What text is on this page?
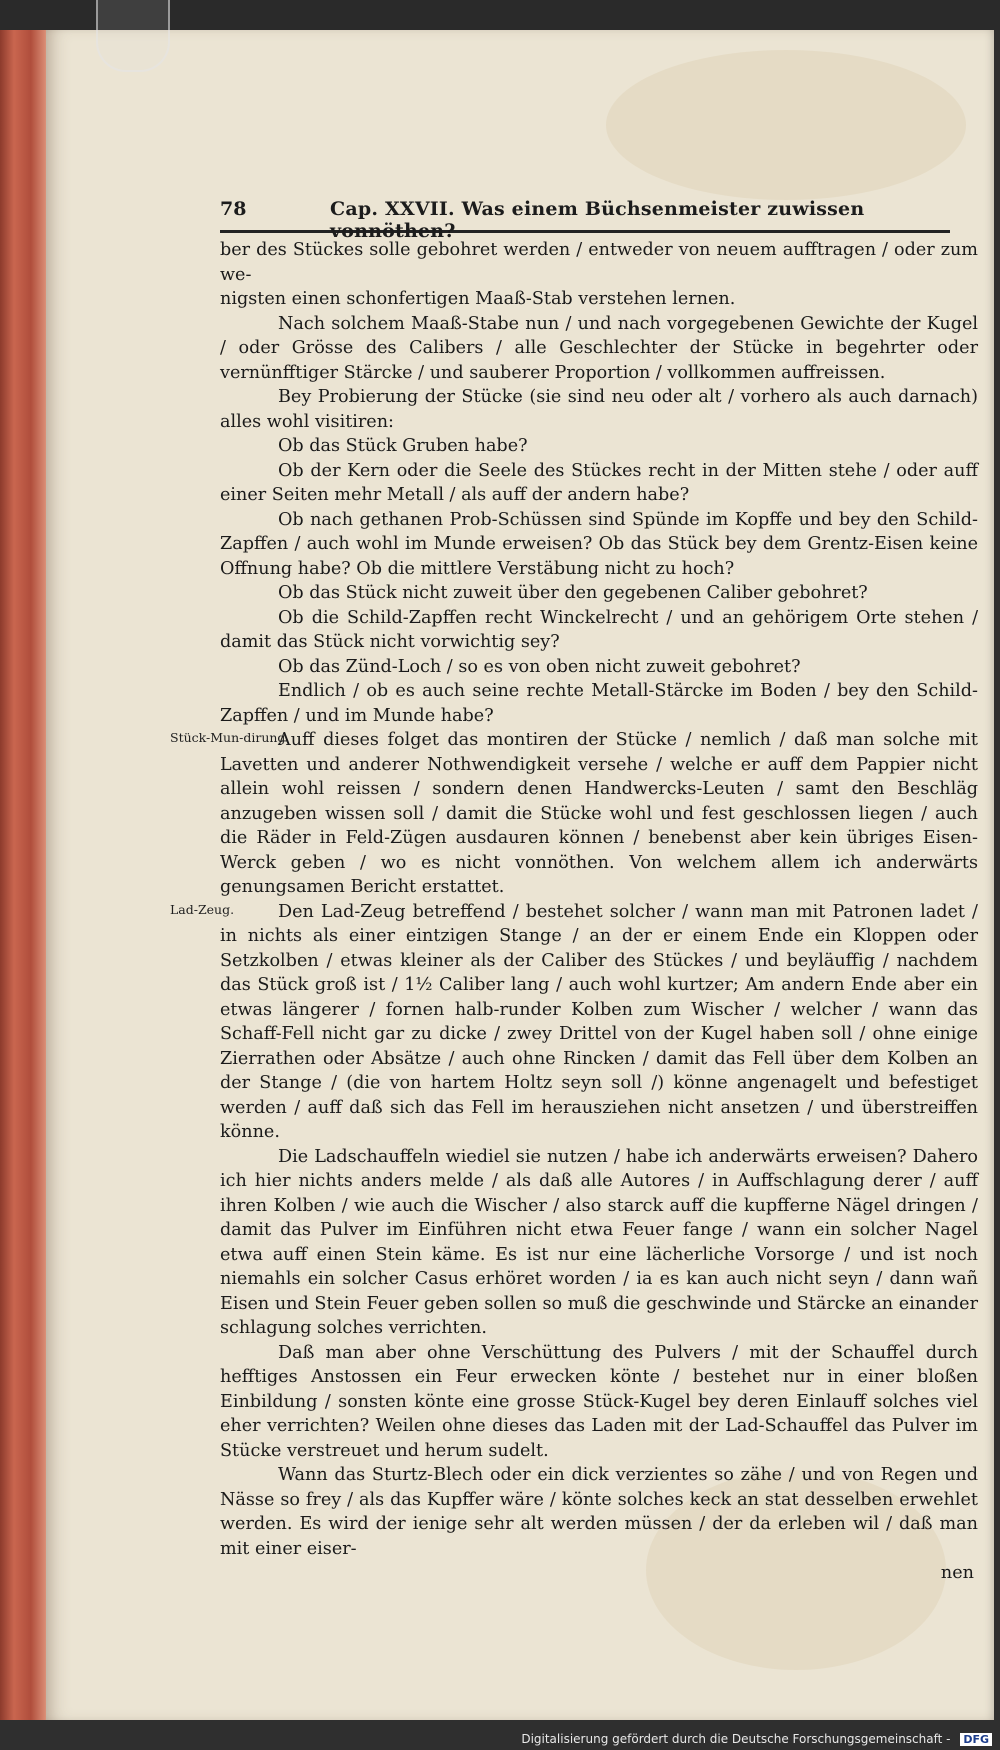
78	Cap. XXVII. Was einem Büchsenmeister zuwissen vonnöthen?

ber des Stückes solle gebohret werden / entweder von neuem aufftragen / oder zum we-

nigsten einen schonfertigen Maaß-Stab verstehen lernen.

Nach solchem Maaß-Stabe nun / und nach vorgegebenen Gewichte der Kugel / oder Grösse des Calibers / alle Geschlechter der Stücke in begehrter oder vernünfftiger Stärcke / und sauberer Proportion / vollkommen auffreissen.

Bey Probierung der Stücke (sie sind neu oder alt / vorhero als auch darnach) alles wohl visitiren:

Ob das Stück Gruben habe?

Ob der Kern oder die Seele des Stückes recht in der Mitten stehe / oder auff einer Seiten mehr Metall / als auff der andern habe?

Ob nach gethanen Prob-Schüssen sind Spünde im Kopffe und bey den Schild-Zapffen / auch wohl im Munde erweisen? Ob das Stück bey dem Grentz-Eisen keine Offnung habe? Ob die mittlere Verstäbung nicht zu hoch?

Ob das Stück nicht zuweit über den gegebenen Caliber gebohret?

Ob die Schild-Zapffen recht Winckelrecht / und an gehörigem Orte stehen / damit das Stück nicht vorwichtig sey?

Ob das Zünd-Loch / so es von oben nicht zuweit gebohret?

Endlich / ob es auch seine rechte Metall-Stärcke im Boden / bey den Schild-Zapffen / und im Munde habe?

Stück-Mun-dirung.

Auff dieses folget das montiren der Stücke / nemlich / daß man solche mit Lavetten und anderer Nothwendigkeit versehe / welche er auff dem Pappier nicht allein wohl reissen / sondern denen Handwercks-Leuten / samt den Beschläg anzugeben wissen soll / damit die Stücke wohl und fest geschlossen liegen / auch die Räder in Feld-Zügen ausdauren können / benebenst aber kein übriges Eisen-Werck geben / wo es nicht vonnöthen. Von welchem allem ich anderwärts genungsamen Bericht erstattet.

Lad-Zeug.	Den Lad-Zeug betreffend / bestehet solcher / wann man mit Patronen ladet / in nichts als einer eintzigen Stange / an der er einem Ende ein Kloppen oder Setzkolben / etwas kleiner als der Caliber des Stückes / und beyläuffig / nachdem das Stück groß ist / 1½ Caliber lang / auch wohl kurtzer; Am andern Ende aber ein etwas längerer / fornen halb-runder Kolben zum Wischer / welcher / wann das Schaff-Fell nicht gar zu dicke / zwey Drittel von der Kugel haben soll / ohne einige Zierrathen oder Absätze / auch ohne Rincken / damit das Fell über dem Kolben an der Stange / (die von hartem Holtz seyn soll /) könne angenagelt und befestiget werden / auff daß sich das Fell im herausziehen nicht ansetzen / und überstreiffen könne.

Die Ladschauffeln wiediel sie nutzen / habe ich anderwärts erweisen? Dahero ich hier nichts anders melde / als daß alle Autores / in Auffschlagung derer / auff ihren Kolben / wie auch die Wischer / also starck auff die kupfferne Nägel dringen / damit das Pulver im Einführen nicht etwa Feuer fange / wann ein solcher Nagel etwa auff einen Stein käme. Es ist nur eine lächerliche Vorsorge / und ist noch niemahls ein solcher Casus erhöret worden / ia es kan auch nicht seyn / dann wañ Eisen und Stein Feuer geben sollen so muß die geschwinde und Stärcke an einander schlagung solches verrichten.

Daß man aber ohne Verschüttung des Pulvers / mit der Schauffel durch hefftiges Anstossen ein Feur erwecken könte / bestehet nur in einer bloßen Einbildung / sonsten könte eine grosse Stück-Kugel bey deren Einlauff solches viel eher verrichten? Weilen ohne dieses das Laden mit der Lad-Schauffel das Pulver im Stücke verstreuet und herum sudelt.

Wann das Sturtz-Blech oder ein dick verzientes so zähe / und von Regen und Nässe so frey / als das Kupffer wäre / könte solches keck an stat desselben erwehlet werden. Es wird der ienige sehr alt werden müssen / der da erleben wil / daß man mit einer eiser-

nen

Digitalisierung gefördert durch die Deutsche Forschungsgemeinschaft - DFG
